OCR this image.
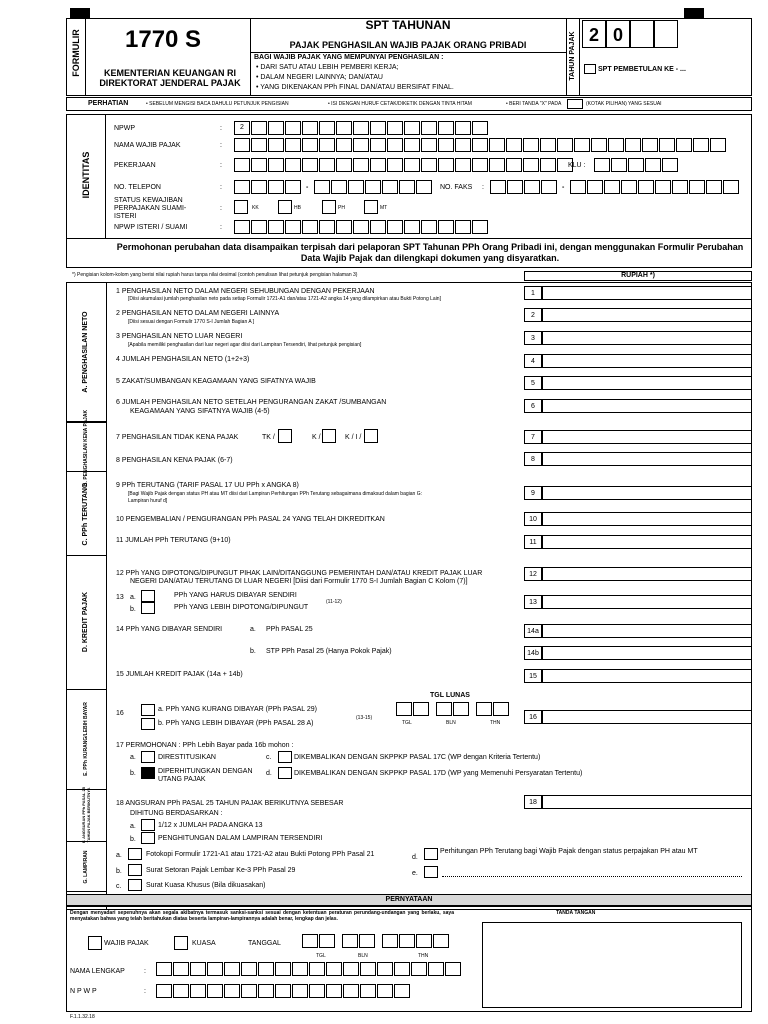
FORMULIR 1770 S
KEMENTERIAN KEUANGAN RI
DIREKTORAT JENDERAL PAJAK
SPT TAHUNAN
PAJAK PENGHASILAN WAJIB PAJAK ORANG PRIBADI
BAGI WAJIB PAJAK YANG MEMPUNYAI PENGHASILAN :
• DARI SATU ATAU LEBIH PEMBERI KERJA;
• DALAM NEGERI LAINNYA; DAN/ATAU
• YANG DIKENAKAN PPh FINAL DAN/ATAU BERSIFAT FINAL.
TAHUN PAJAK 2 0
SPT PEMBETULAN KE - ...
PERHATIAN	• SEBELUM MENGISI BACA DAHULU PETUNJUK PENGISIAN	• ISI DENGAN HURUF CETAK/DIKETIK DENGAN TINTA HITAM	• BERI TANDA "X" PADA	(KOTAK PILIHAN) YANG SESUAI
IDENTITAS
NPWP	:	2
NAMA WAJIB PAJAK	:
PEKERJAAN	:	KLU :
NO. TELEPON	:	-	NO. FAKS :	-
STATUS KEWAJIBAN
PERPAJAKAN SUAMI-
ISTERI
:	KK	HB	PH	MT
NPWP ISTERI / SUAMI	:
Permohonan perubahan data disampaikan terpisah dari pelaporan SPT Tahunan PPh Orang Pribadi ini, dengan menggunakan Formulir Perubahan Data Wajib Pajak dan dilengkapi dokumen yang disyaratkan.
*) Pengisian kolom-kolom yang berisi nilai rupiah harus tanpa nilai desimal (contoh penulisan lihat petunjuk pengisian halaman 3)	RUPIAH *)
A. PENGHASILAN NETO
1 PENGHASILAN NETO DALAM NEGERI SEHUBUNGAN DENGAN PEKERJAAN
[Diisi akumulasi jumlah penghasilan neto pada setiap Formulir 1721-A1 dan/atau 1721-A2 angka 14 yang dilampirkan atau Bukti Potong Lain]
1
2 PENGHASILAN NETO DALAM NEGERI LAINNYA
[Diisi sesuai dengan Formulir 1770 S-I Jumlah Bagian A ]
2
3 PENGHASILAN NETO LUAR NEGERI
[Apabila memiliki penghasilan dari luar negeri agar diisi dari Lampiran Tersendiri, lihat petunjuk pengisian]
3
4 JUMLAH PENGHASILAN NETO (1+2+3)	4
5 ZAKAT/SUMBANGAN KEAGAMAAN YANG SIFATNYA WAJIB	5
6 JUMLAH PENGHASILAN NETO SETELAH PENGURANGAN ZAKAT /SUMBANGAN
KEAGAMAAN YANG SIFATNYA WAJIB (4-5)
6
B. PENGHASILAN KENA PAJAK	7 PENGHASILAN TIDAK KENA PAJAK	TK /	K /	K / I /	7
8 PENGHASILAN KENA PAJAK (6-7)	8
C. PPh TERUTANG	9 PPh TERUTANG (TARIF PASAL 17 UU PPh x ANGKA 8)
[Bagi Wajib Pajak dengan status PH atau MT diisi dari Lampiran Perhitungan PPh Terutang sebagaimana dimaksud dalam bagian G:
Lampiran huruf d]
9
10 PENGEMBALIAN / PENGURANGAN PPh PASAL 24 YANG TELAH DIKREDITKAN	10
11 JUMLAH PPh TERUTANG (9+10)	11
D. KREDIT PAJAK
12 PPh YANG DIPOTONG/DIPUNGUT PIHAK LAIN/DITANGGUNG PEMERINTAH DAN/ATAU KREDIT PAJAK LUAR
NEGERI DAN/ATAU TERUTANG DI LUAR NEGERI [Diisi dari Formulir 1770 S-I Jumlah Bagian C Kolom (7)]
12
13 a.	PPh YANG HARUS DIBAYAR SENDIRI
b.	PPh YANG LEBIH DIPOTONG/DIPUNGUT
(11-12)	13
14 PPh YANG DIBAYAR SENDIRI	a. PPh PASAL 25	14a
b. STP PPh Pasal 25 (Hanya Pokok Pajak)	14b
15 JUMLAH KREDIT PAJAK (14a + 14b)	15
E. PPh KURANG/LEBIH BAYAR
TGL LUNAS
16
a. PPh YANG KURANG DIBAYAR (PPh PASAL 29)
b. PPh YANG LEBIH DIBAYAR (PPh PASAL 28 A)
(13-15)
TGL	BLN	THN
16
17 PERMOHONAN : PPh Lebih Bayar pada 16b mohon :
a.	DIRESTITUSIKAN
b.	DIPERHITUNGKAN DENGAN
UTANG PAJAK
c.	DIKEMBALIKAN DENGAN SKPPKP PASAL 17C (WP dengan Kriteria Tertentu)
d.	DIKEMBALIKAN DENGAN SKPPKP PASAL 17D (WP yang Memenuhi Persyaratan Tertentu)
F. ANGSURAN PPh PASAL 25 TAHUN PAJAK BERIKUTNYA	18 ANGSURAN PPh PASAL 25 TAHUN PAJAK BERIKUTNYA SEBESAR
DIHITUNG BERDASARKAN :
a.	1/12 x JUMLAH PADA ANGKA 13
b.	PENGHITUNGAN DALAM LAMPIRAN TERSENDIRI
18
G. LAMPIRAN	a.	Fotokopi Formulir 1721-A1 atau 1721-A2 atau Bukti Potong PPh Pasal 21
b.	Surat Setoran Pajak Lembar Ke-3 PPh Pasal 29
c.	Surat Kuasa Khusus (Bila dikuasakan)
d.
Perhitungan PPh Terutang bagi Wajib Pajak dengan status perpajakan PH atau MT
e.
PERNYATAAN
Dengan menyadari sepenuhnya akan segala akibatnya termasuk sanksi-sanksi sesuai dengan ketentuan peraturan perundang-undangan yang berlaku, saya menyatakan bahwa yang telah beritahukan diatas beserta lampiran-lampirannya adalah benar, lengkap dan jelas.
TANDA TANGAN
WAJIB PAJAK	KUASA	TANGGAL
TGL	BLN	THN
NAMA LENGKAP	:
N P W P	:
F.1.1.32.18
